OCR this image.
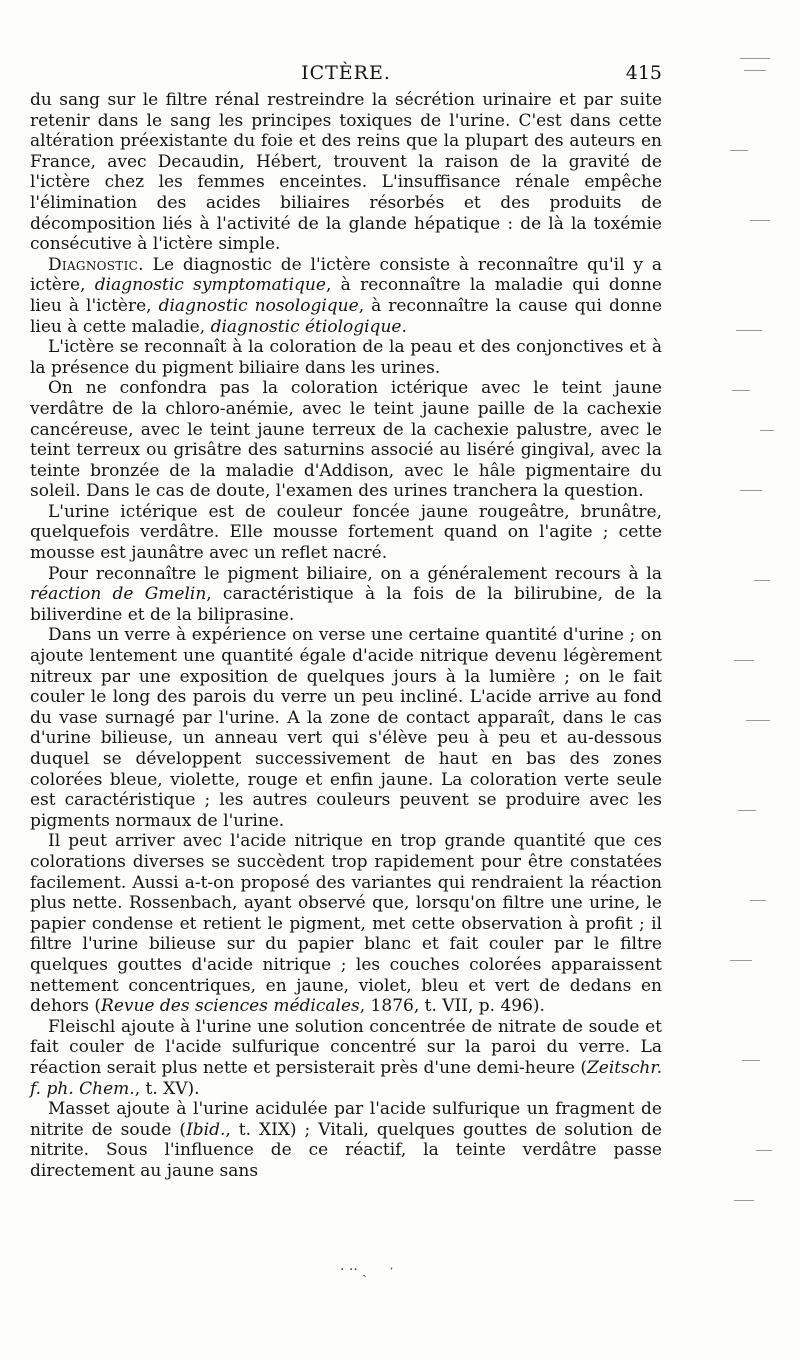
ICTÈRE.	415

du sang sur le filtre rénal restreindre la sécrétion urinaire et par suite retenir dans le sang les principes toxiques de l'urine. C'est dans cette altération préexistante du foie et des reins que la plupart des auteurs en France, avec Decaudin, Hébert, trouvent la raison de la gravité de l'ictère chez les femmes enceintes. L'insuffisance rénale empêche l'élimination des acides biliaires résorbés et des produits de décomposition liés à l'activité de la glande hépatique : de là la toxémie consécutive à l'ictère simple.

Diagnostic. Le diagnostic de l'ictère consiste à reconnaître qu'il y a ictère, diagnostic symptomatique, à reconnaître la maladie qui donne lieu à l'ictère, diagnostic nosologique, à reconnaître la cause qui donne lieu à cette maladie, diagnostic étiologique.

L'ictère se reconnaît à la coloration de la peau et des conjonctives et à la présence du pigment biliaire dans les urines.

On ne confondra pas la coloration ictérique avec le teint jaune verdâtre de la chloro-anémie, avec le teint jaune paille de la cachexie cancéreuse, avec le teint jaune terreux de la cachexie palustre, avec le teint terreux ou grisâtre des saturnins associé au liséré gingival, avec la teinte bronzée de la maladie d'Addison, avec le hâle pigmentaire du soleil. Dans le cas de doute, l'examen des urines tranchera la question.

L'urine ictérique est de couleur foncée jaune rougeâtre, brunâtre, quelquefois verdâtre. Elle mousse fortement quand on l'agite ; cette mousse est jaunâtre avec un reflet nacré.

Pour reconnaître le pigment biliaire, on a généralement recours à la réaction de Gmelin, caractéristique à la fois de la bilirubine, de la biliverdine et de la biliprasine.

Dans un verre à expérience on verse une certaine quantité d'urine ; on ajoute lentement une quantité égale d'acide nitrique devenu légèrement nitreux par une exposition de quelques jours à la lumière ; on le fait couler le long des parois du verre un peu incliné. L'acide arrive au fond du vase surnagé par l'urine. A la zone de contact apparaît, dans le cas d'urine bilieuse, un anneau vert qui s'élève peu à peu et au-dessous duquel se développent successivement de haut en bas des zones colorées bleue, violette, rouge et enfin jaune. La coloration verte seule est caractéristique ; les autres couleurs peuvent se produire avec les pigments normaux de l'urine.

Il peut arriver avec l'acide nitrique en trop grande quantité que ces colorations diverses se succèdent trop rapidement pour être constatées facilement. Aussi a-t-on proposé des variantes qui rendraient la réaction plus nette. Rossenbach, ayant observé que, lorsqu'on filtre une urine, le papier condense et retient le pigment, met cette observation à profit ; il filtre l'urine bilieuse sur du papier blanc et fait couler par le filtre quelques gouttes d'acide nitrique ; les couches colorées apparaissent nettement concentriques, en jaune, violet, bleu et vert de dedans en dehors (Revue des sciences médicales, 1876, t. VII, p. 496).

Fleischl ajoute à l'urine une solution concentrée de nitrate de soude et fait couler de l'acide sulfurique concentré sur la paroi du verre. La réaction serait plus nette et persisterait près d'une demi-heure (Zeitschr. f. ph. Chem., t. XV).

Masset ajoute à l'urine acidulée par l'acide sulfurique un fragment de nitrite de soude (Ibid., t. XIX) ; Vitali, quelques gouttes de solution de nitrite. Sous l'influence de ce réactif, la teinte verdâtre passe directement au jaune sans

· ·· ˎ     ˑ
